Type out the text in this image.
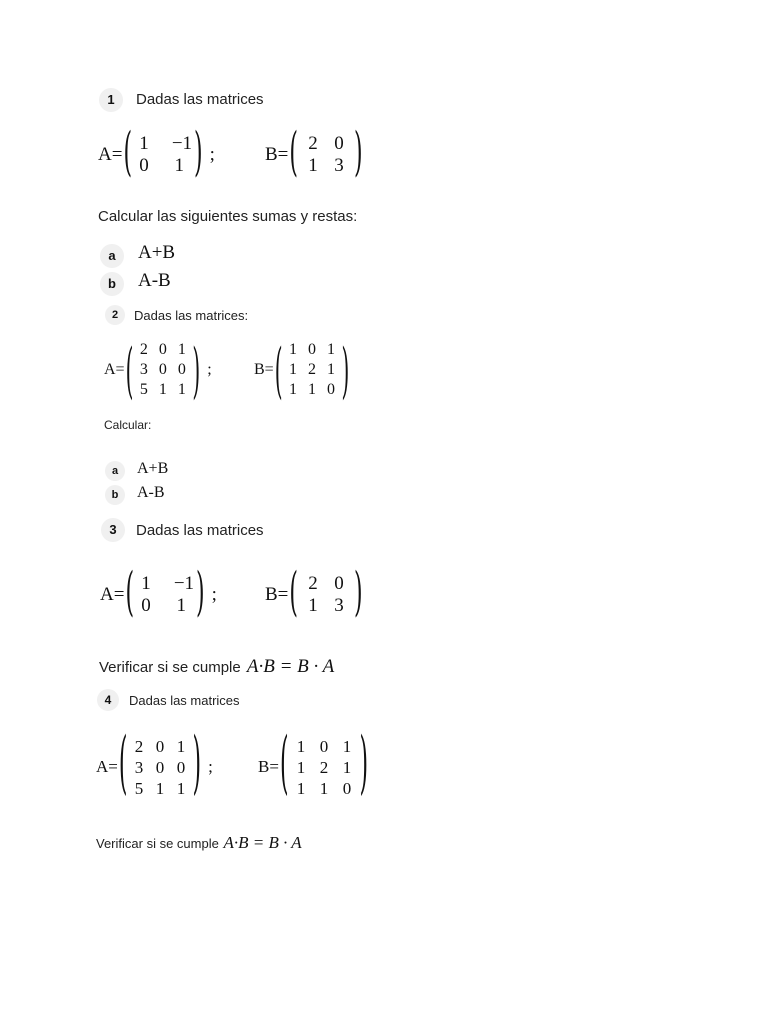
1	Dadas las matrices
A= ( 1	−1
0	1 ) ;	B= ( 2 0
1 3 )
Calcular las siguientes sumas y restas:
a	A+B
b	A-B
2	Dadas las matrices:
A= ( 2 0 1
3 0 0
5 1 1 ) ;	B= ( 1 0 1
1 2 1
1 1 0 )
Calcular:
a	A+B
b	A-B
3	Dadas las matrices
A= ( 1	−1
0	1 ) ;	B= ( 2 0
1 3 )
Verificar si se cumple A·B = B · A
4	Dadas las matrices
A= ( 2 0 1
3 0 0
5 1 1 ) ;	B= ( 1 0 1
1 2 1
1 1 0 )
Verificar si se cumple A·B = B · A
